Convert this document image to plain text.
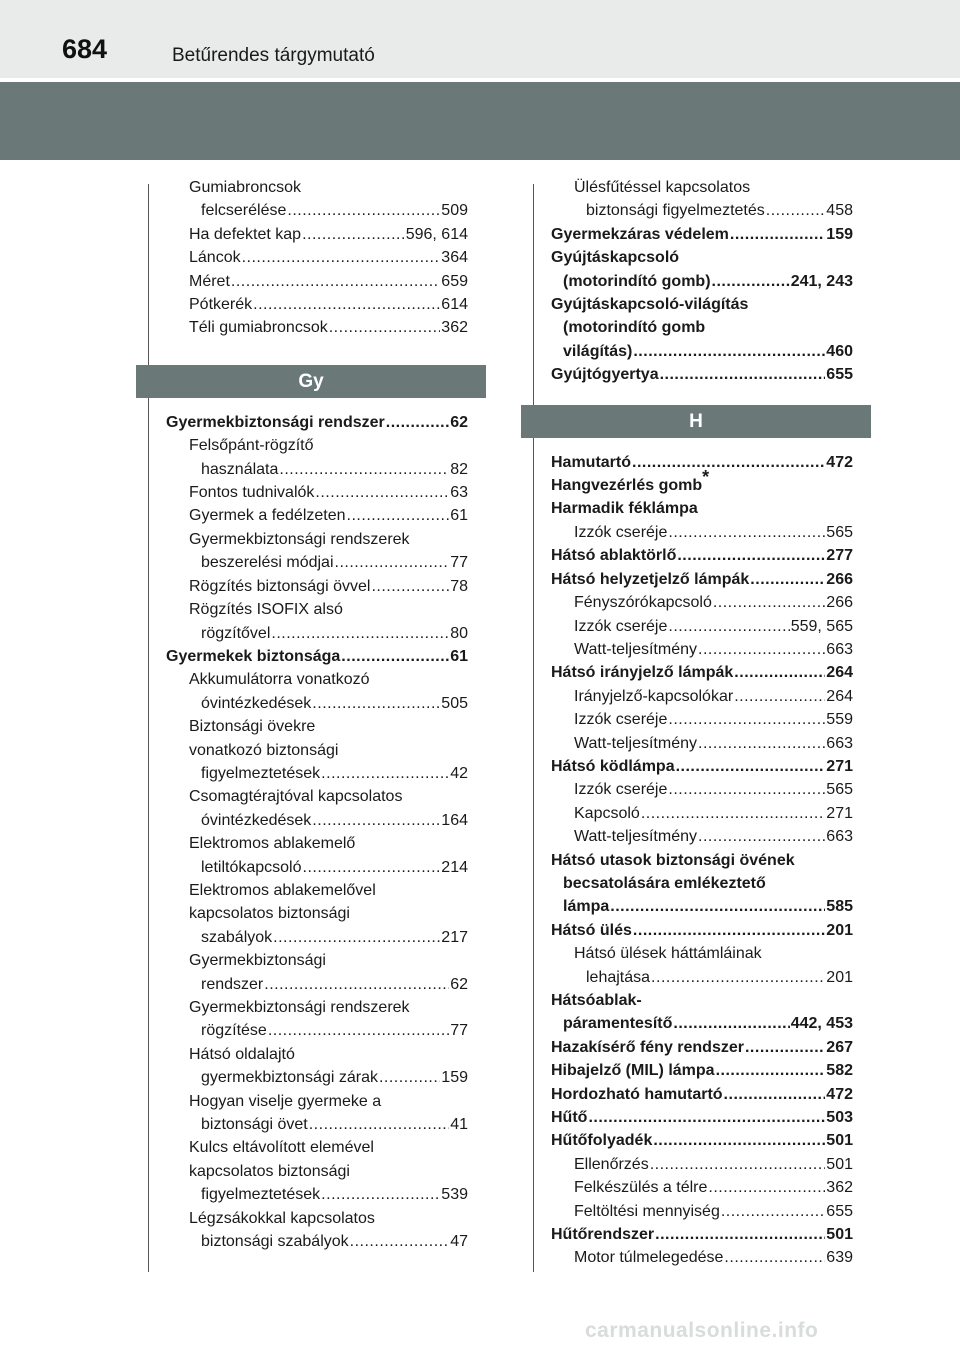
684	Betűrendes tárgymutató
Gumiabroncsok
felcserélése .....	509
Ha defektet kap .....	596, 614
Láncok .....	364
Méret .....	659
Pótkerék .....	614
Téli gumiabroncsok .....	362
Gy
Gyermekbiztonsági rendszer .....	62
Felsőpánt-rögzítő
használata .....	82
Fontos tudnivalók .....	63
Gyermek a fedélzeten .....	61
Gyermekbiztonsági rendszerek
beszerelési módjai .....	77
Rögzítés biztonsági övvel .....	78
Rögzítés ISOFIX alsó
rögzítővel .....	80
Gyermekek biztonsága .....	61
Akkumulátorra vonatkozó
óvintézkedések .....	505
Biztonsági övekre
vonatkozó biztonsági
figyelmeztetések .....	42
Csomagtérajtóval kapcsolatos
óvintézkedések .....	164
Elektromos ablakemelő
letiltókapcsoló .....	214
Elektromos ablakemelővel
kapcsolatos biztonsági
szabályok .....	217
Gyermekbiztonsági
rendszer .....	62
Gyermekbiztonsági rendszerek
rögzítése .....	77
Hátsó oldalajtó
gyermekbiztonsági zárak .....	159
Hogyan viselje gyermeke a
biztonsági övet .....	41
Kulcs eltávolított elemével
kapcsolatos biztonsági
figyelmeztetések .....	539
Légzsákokkal kapcsolatos
biztonsági szabályok .....	47
Ülésfűtéssel kapcsolatos
biztonsági figyelmeztetés .....	458
Gyermekzáras védelem .....	159
Gyújtáskapcsoló
(motorindító gomb) .....	241, 243
Gyújtáskapcsoló-világítás
(motorindító gomb
világítás) .....	460
Gyújtógyertya .....	655
H
Hamutartó .....	472
Hangvezérlés gomb*
Harmadik féklámpa
Izzók cseréje .....	565
Hátsó ablaktörlő .....	277
Hátsó helyzetjelző lámpák .....	266
Fényszórókapcsoló .....	266
Izzók cseréje .....	559, 565
Watt-teljesítmény .....	663
Hátsó irányjelző lámpák .....	264
Irányjelző-kapcsolókar .....	264
Izzók cseréje .....	559
Watt-teljesítmény .....	663
Hátsó ködlámpa .....	271
Izzók cseréje .....	565
Kapcsoló .....	271
Watt-teljesítmény .....	663
Hátsó utasok biztonsági övének
becsatolására emlékeztető
lámpa .....	585
Hátsó ülés .....	201
Hátsó ülések háttámláinak
lehajtása .....	201
Hátsóablak-
páramentesítő .....	442, 453
Hazakísérő fény rendszer .....	267
Hibajelző (MIL) lámpa .....	582
Hordozható hamutartó .....	472
Hűtő .....	503
Hűtőfolyadék .....	501
Ellenőrzés .....	501
Felkészülés a télre .....	362
Feltöltési mennyiség .....	655
Hűtőrendszer .....	501
Motor túlmelegedése .....	639
carmanualsonline.info
